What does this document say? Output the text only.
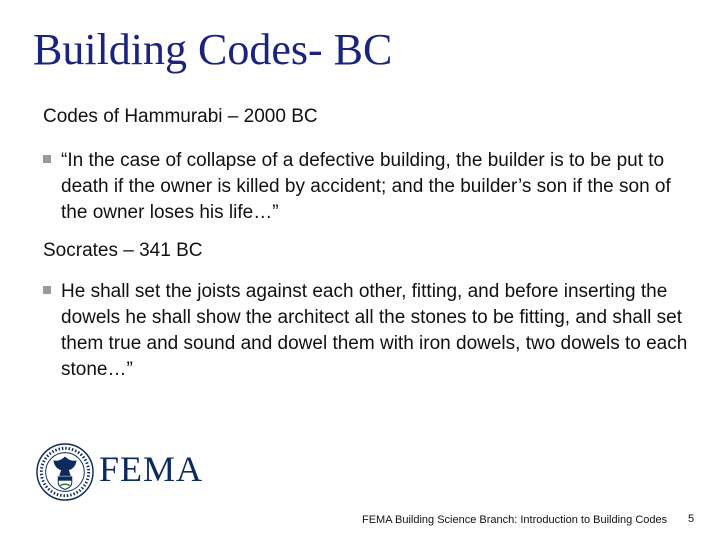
Building Codes- BC

Codes of Hammurabi – 2000 BC

“In the case of collapse of a defective building, the builder is to be put to death if the owner is killed by accident; and the builder’s son if the son of the owner loses his life…”

Socrates – 341 BC

He shall set the joists against each other, fitting, and before inserting the dowels he shall show the architect all the stones to be fitting, and shall set them true and sound and dowel them with iron dowels, two dowels to each stone…”
FEMA
FEMA Building Science Branch: Introduction to Building Codes 5
